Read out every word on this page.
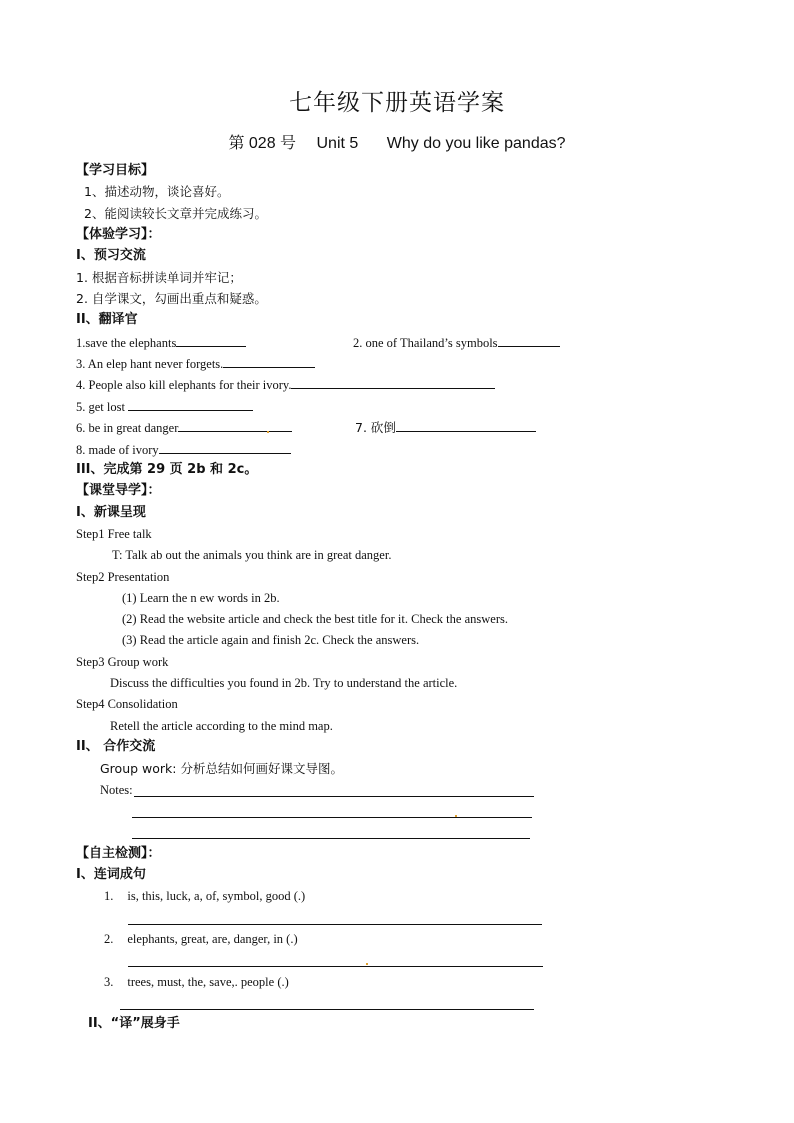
七年级下册英语学案
第 028 号 Unit 5 Why do you like pandas?
【学习目标】
1、描述动物，谈论喜好。
2、能阅读较长文章并完成练习。
【体验学习】：
I、预习交流
1. 根据音标拼读单词并牢记；
2. 自学课文，勾画出重点和疑惑。
II、翻译官
1.save the elephants	2. one of Thailand’s symbols
3. An elep hant never forgets.
4. People also kill elephants for their ivory.
5. get lost
6. be in great danger	7. 砍倒
8. made of ivory
III、完成第 29 页 2b 和 2c。
【课堂导学】：
I、新课呈现
Step1 Free talk
T: Talk ab out the animals you think are in great danger.
Step2 Presentation
(1) Learn the n ew words in 2b.
(2) Read the website article and check the best title for it. Check the answers.
(3) Read the article again and finish 2c. Check the answers.
Step3 Group work
Discuss the difficulties you found in 2b. Try to understand the article.
Step4 Consolidation
Retell the article according to the mind map.
II、 合作交流
Group work: 分析总结如何画好课文导图。
Notes:
【自主检测】：
I、连词成句
1. is, this, luck, a, of, symbol, good (.)
2. elephants, great, are, danger, in (.)
3. trees, must, the, save,. people (.)
II、“译”展身手
